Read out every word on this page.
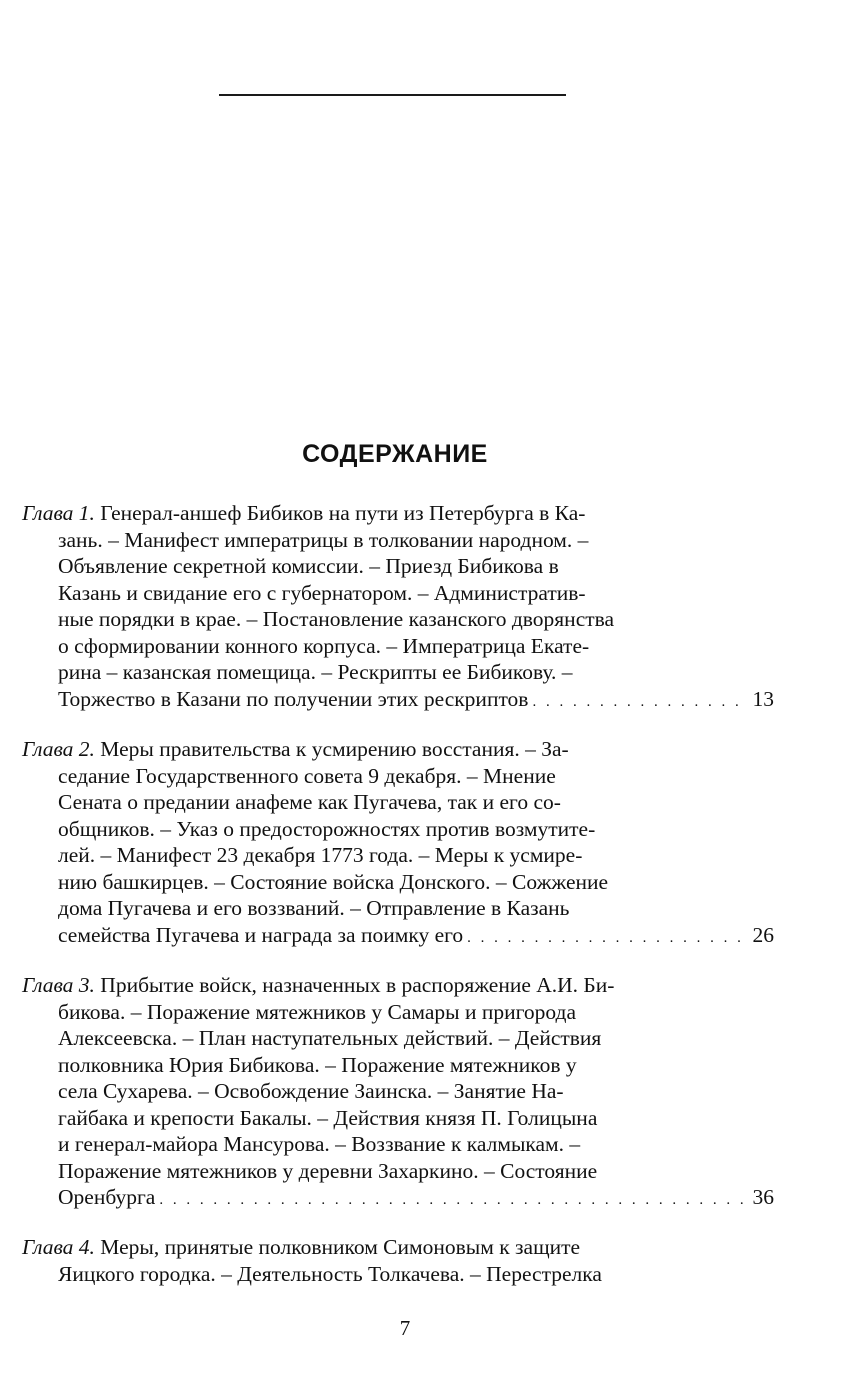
СОДЕРЖАНИЕ
Глава 1. Генерал-аншеф Бибиков на пути из Петербурга в Ка-
зань. – Манифест императрицы в толковании народном. –
Объявление секретной комиссии. – Приезд Бибикова в
Казань и свидание его с губернатором. – Административ-
ные порядки в крае. – Постановление казанского дворянства
о сформировании конного корпуса. – Императрица Екате-
рина – казанская помещица. – Рескрипты ее Бибикову. –
Торжество в Казани по получении этих рескриптов . . .	13
Глава 2. Меры правительства к усмирению восстания. – За-
седание Государственного совета 9 декабря. – Мнение
Сената о предании анафеме как Пугачева, так и его со-
общников. – Указ о предосторожностях против возмутите-
лей. – Манифест 23 декабря 1773 года. – Меры к усмире-
нию башкирцев. – Состояние войска Донского. – Сожжение
дома Пугачева и его воззваний. – Отправление в Казань
семейства Пугачева и награда за поимку его . . .	26
Глава 3. Прибытие войск, назначенных в распоряжение А.И. Би-
бикова. – Поражение мятежников у Самары и пригорода
Алексеевска. – План наступательных действий. – Действия
полковника Юрия Бибикова. – Поражение мятежников у
села Сухарева. – Освобождение Заинска. – Занятие На-
гайбака и крепости Бакалы. – Действия князя П. Голицына
и генерал-майора Мансурова. – Воззвание к калмыкам. –
Поражение мятежников у деревни Захаркино. – Состояние
Оренбурга . . .	36
Глава 4. Меры, принятые полковником Симоновым к защите
Яицкого городка. – Деятельность Толкачева. – Перестрелка
7
